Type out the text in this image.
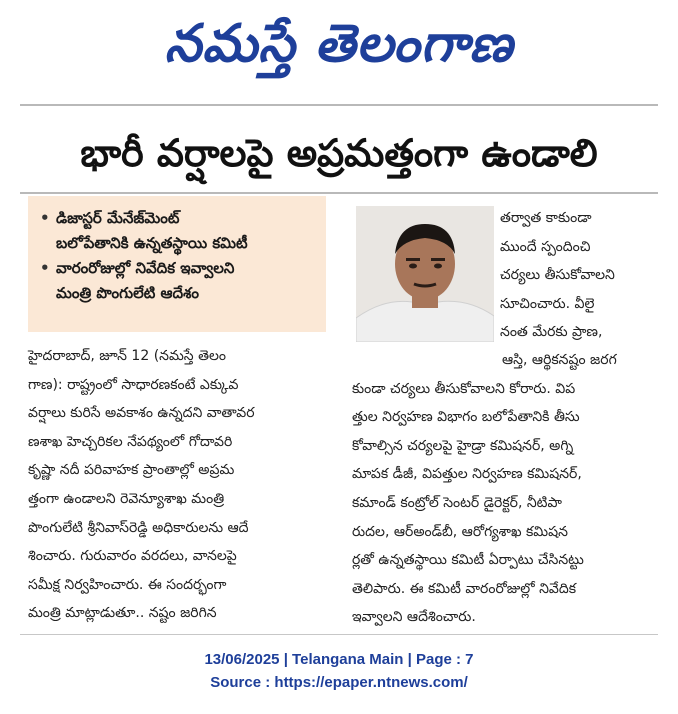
నమస్తే తెలంగాణ
భారీ వర్షాలపై అప్రమత్తంగా ఉండాలి
• డిజాస్టర్ మేనేజ్‌మెంట్
బలోపేతానికి ఉన్నతస్థాయి కమిటీ
• వారంరోజుల్లో నివేదిక ఇవ్వాలని
మంత్రి పొంగులేటి ఆదేశం
హైదరాబాద్, జూన్ 12 (నమస్తే తెలం
గాణ): రాష్ట్రంలో సాధారణకంటే ఎక్కువ
వర్షాలు కురిసే అవకాశం ఉన్నదని వాతావర
ణశాఖ హెచ్చరికల నేపథ్యంలో గోదావరి
కృష్ణా నదీ పరివాహక ప్రాంతాల్లో అప్రమ
త్తంగా ఉండాలని రెవెన్యూశాఖ మంత్రి
పొంగులేటి శ్రీనివాస్‌రెడ్డి అధికారులను ఆదే
శించారు. గురువారం వరదలు, వానలపై
సమీక్ష నిర్వహించారు. ఈ సందర్భంగా
మంత్రి మాట్లాడుతూ.. నష్టం జరిగిన
తర్వాత కాకుండా
ముందే స్పందించి
చర్యలు తీసుకోవాలని
సూచించారు. వీలై
నంత మేరకు ప్రాణ,
ఆస్తి, ఆర్థికనష్టం జరగ
కుండా చర్యలు తీసుకోవాలని కోరారు. విప
త్తుల నిర్వహణ విభాగం బలోపేతానికి తీసు
కోవాల్సిన చర్యలపై హైడ్రా కమిషనర్, అగ్ని
మాపక డీజీ, విపత్తుల నిర్వహణ కమిషనర్,
కమాండ్ కంట్రోల్ సెంటర్ డైరెక్టర్, నీటిపా
రుదల, ఆర్‌అండ్‌బీ, ఆరోగ్యశాఖ కమిషన
ర్లతో ఉన్నతస్థాయి కమిటీ ఏర్పాటు చేసినట్టు
తెలిపారు. ఈ కమిటీ వారంరోజుల్లో నివేదిక
ఇవ్వాలని ఆదేశించారు.
13/06/2025 | Telangana Main | Page : 7
Source : https://epaper.ntnews.com/
